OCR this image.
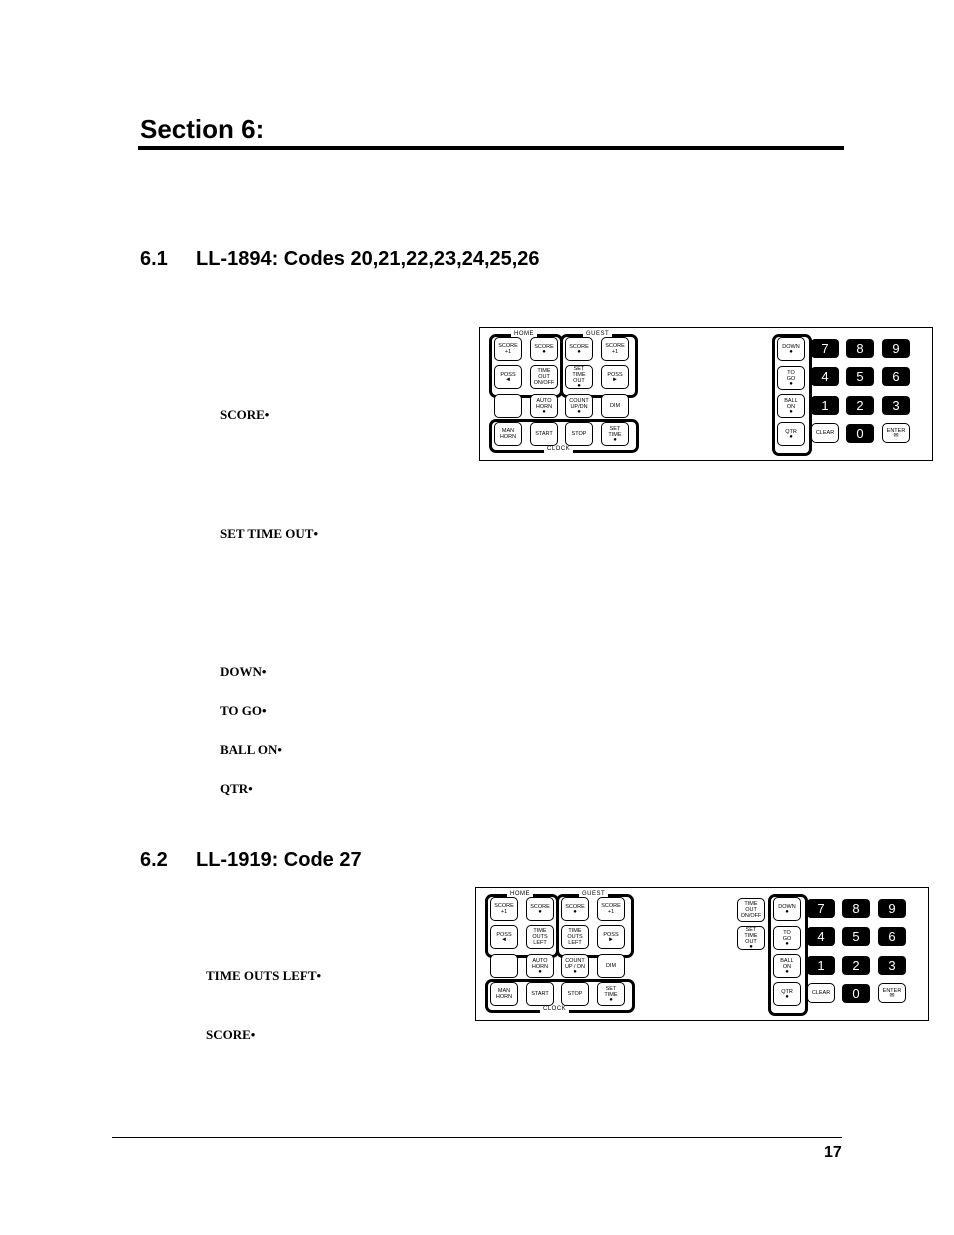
Section 6:
6.1 LL-1894: Codes 20,21,22,23,24,25,26
SCORE•
SET TIME OUT•
DOWN•
TO GO•
BALL ON•
QTR•
6.2 LL-1919: Code 27
TIME OUTS LEFT•
SCORE•
17
HOME	GUEST
CLOCK
SCORE
+1
SCORE
●
SCORE
●
SCORE
+1
POSS
◄
TIME
OUT
ON/OFF
SET
TIME
OUT
●
POSS
►
AUTO
HORN
●
COUNT
UP/DN
●
DIM
MAN
HORN	START	STOP
SET
TIME
●
DOWN
●
TO
GO
●
BALL
ON
●
QTR
●
7	8	9
4	5	6
1	2	3
CLEAR	0	ENTER
✉
HOME	GUEST
CLOCK
SCORE
+1
SCORE
●
SCORE
●
SCORE
+1
POSS
◄
TIME
OUTS
LEFT
TIME
OUTS
LEFT
POSS
►
AUTO
HORN
●
COUNT
UP / DN
●
DIM
MAN
HORN	START	STOP
SET
TIME
●
TIME
OUT
ON/OFF
SET
TIME
OUT
●
DOWN
●
TO
GO
●
BALL
ON
●
QTR
●
7	8	9
4	5	6
1	2	3
CLEAR	0	ENTER
✉
